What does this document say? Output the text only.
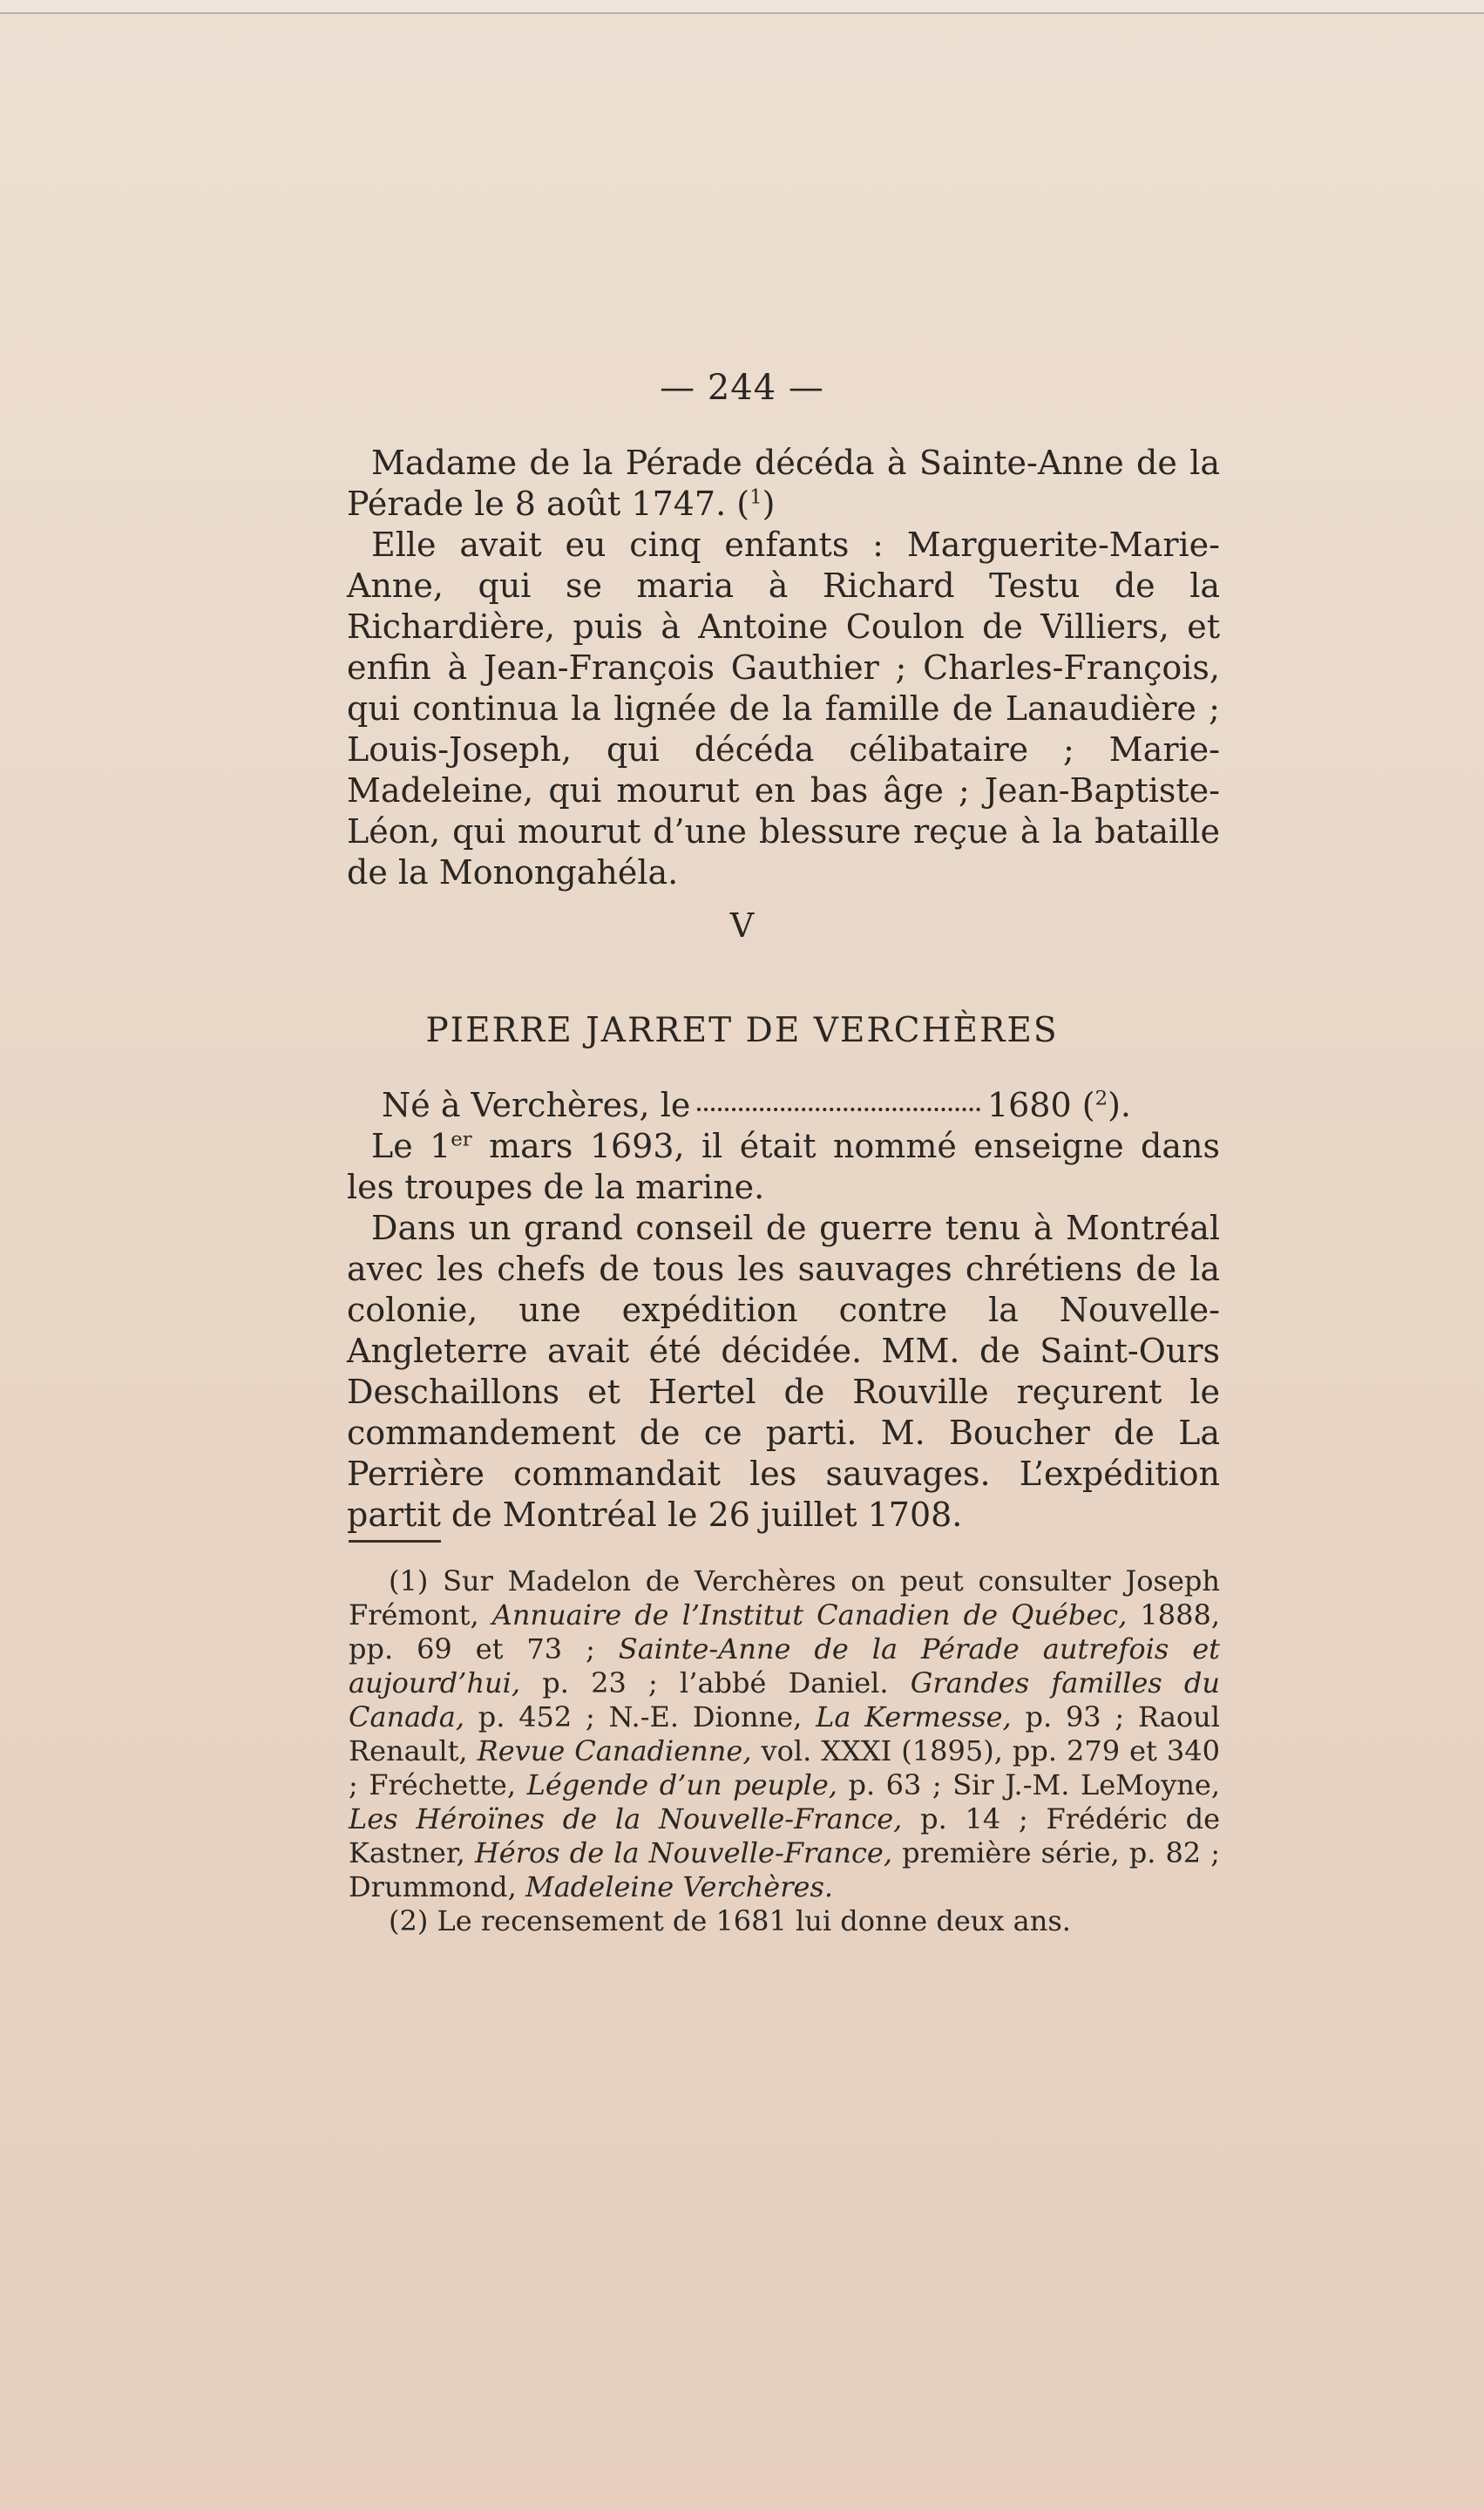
— 244 —

Madame de la Pérade décéda à Sainte-Anne de la Pérade le 8 août 1747. ($^1$)

Elle avait eu cinq enfants : Marguerite-Marie-Anne, qui se maria à Richard Testu de la Richardière, puis à Antoine Coulon de Villiers, et enfin à Jean-François Gauthier ; Charles-François, qui continua la lignée de la famille de Lanaudière ; Louis-Joseph, qui décéda célibataire ; Marie-Madeleine, qui mourut en bas âge ; Jean-Baptiste-Léon, qui mourut d’une blessure reçue à la bataille de la Monongahéla.

V
PIERRE JARRET DE VERCHÈRES
Né à Verchères, le	1680 ($^2$).

Le 1er mars 1693, il était nommé enseigne dans les troupes de la marine.

Dans un grand conseil de guerre tenu à Montréal avec les chefs de tous les sauvages chrétiens de la colonie, une expédition contre la Nouvelle-Angleterre avait été décidée. MM. de Saint-Ours Deschaillons et Hertel de Rouville reçurent le commandement de ce parti. M. Boucher de La Perrière commandait les sauvages. L’expédition partit de Montréal le 26 juillet 1708.

(1) Sur Madelon de Verchères on peut consulter Joseph Frémont, Annuaire de l’Institut Canadien de Québec, 1888, pp. 69 et 73 ; Sainte-Anne de la Pérade autrefois et aujourd’hui, p. 23 ; l’abbé Daniel. Grandes familles du Canada, p. 452 ; N.-E. Dionne, La Kermesse, p. 93 ; Raoul Renault, Revue Canadienne, vol. XXXI (1895), pp. 279 et 340 ; Fréchette, Légende d’un peuple, p. 63 ; Sir J.-M. LeMoyne, Les Héroïnes de la Nouvelle-France, p. 14 ; Frédéric de Kastner, Héros de la Nouvelle-France, première série, p. 82 ; Drummond, Madeleine Verchères.

(2) Le recensement de 1681 lui donne deux ans.
